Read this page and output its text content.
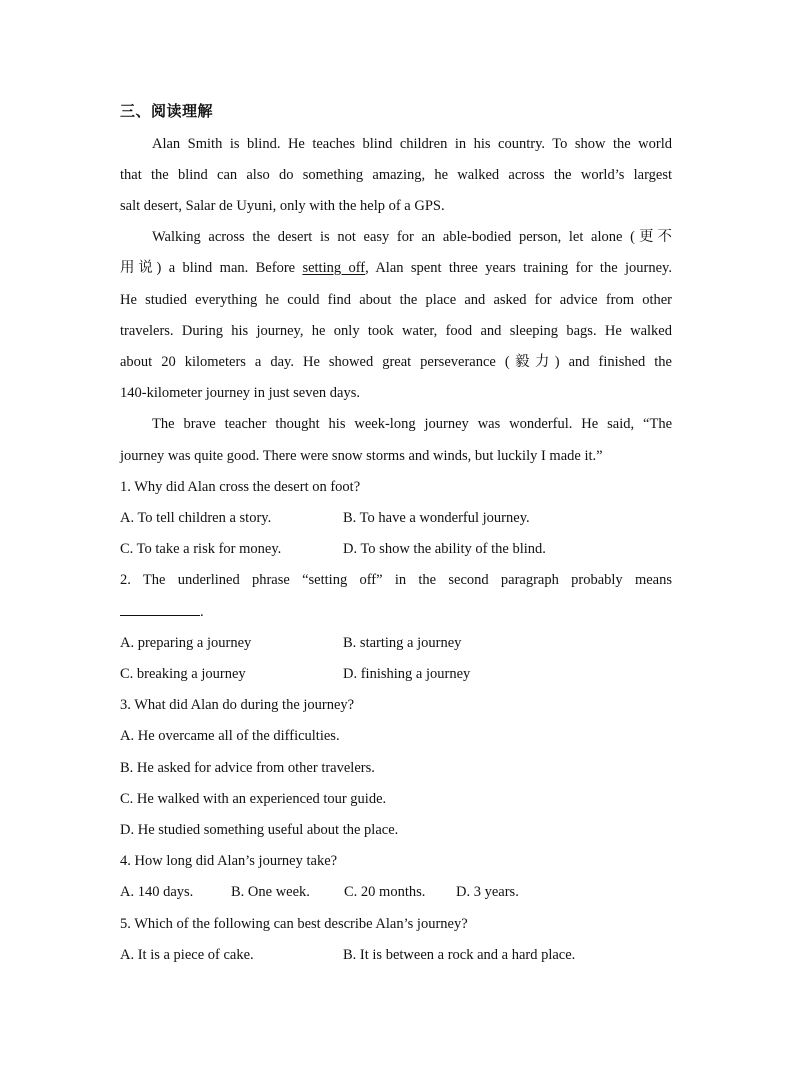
三、阅读理解
Alan Smith is blind. He teaches blind children in his country. To show the world
that the blind can also do something amazing, he walked across the world’s largest
salt desert, Salar de Uyuni, only with the help of a GPS.
Walking across the desert is not easy for an able-bodied person, let alone (更不
用说) a blind man. Before setting off, Alan spent three years training for the journey.
He studied everything he could find about the place and asked for advice from other
travelers. During his journey, he only took water, food and sleeping bags. He walked
about 20 kilometers a day. He showed great perseverance (毅力) and finished the
140-kilometer journey in just seven days.
The brave teacher thought his week-long journey was wonderful. He said, “The
journey was quite good. There were snow storms and winds, but luckily I made it.”
1. Why did Alan cross the desert on foot?
A. To tell children a story.	B. To have a wonderful journey.
C. To take a risk for money.	D. To show the ability of the blind.
2. The underlined phrase “setting off” in the second paragraph probably means
.
A. preparing a journey	B. starting a journey
C. breaking a journey	D. finishing a journey
3. What did Alan do during the journey?
A. He overcame all of the difficulties.
B. He asked for advice from other travelers.
C. He walked with an experienced tour guide.
D. He studied something useful about the place.
4. How long did Alan’s journey take?
A. 140 days.	B. One week. C. 20 months. D. 3 years.
5. Which of the following can best describe Alan’s journey?
A. It is a piece of cake.	B. It is between a rock and a hard place.
